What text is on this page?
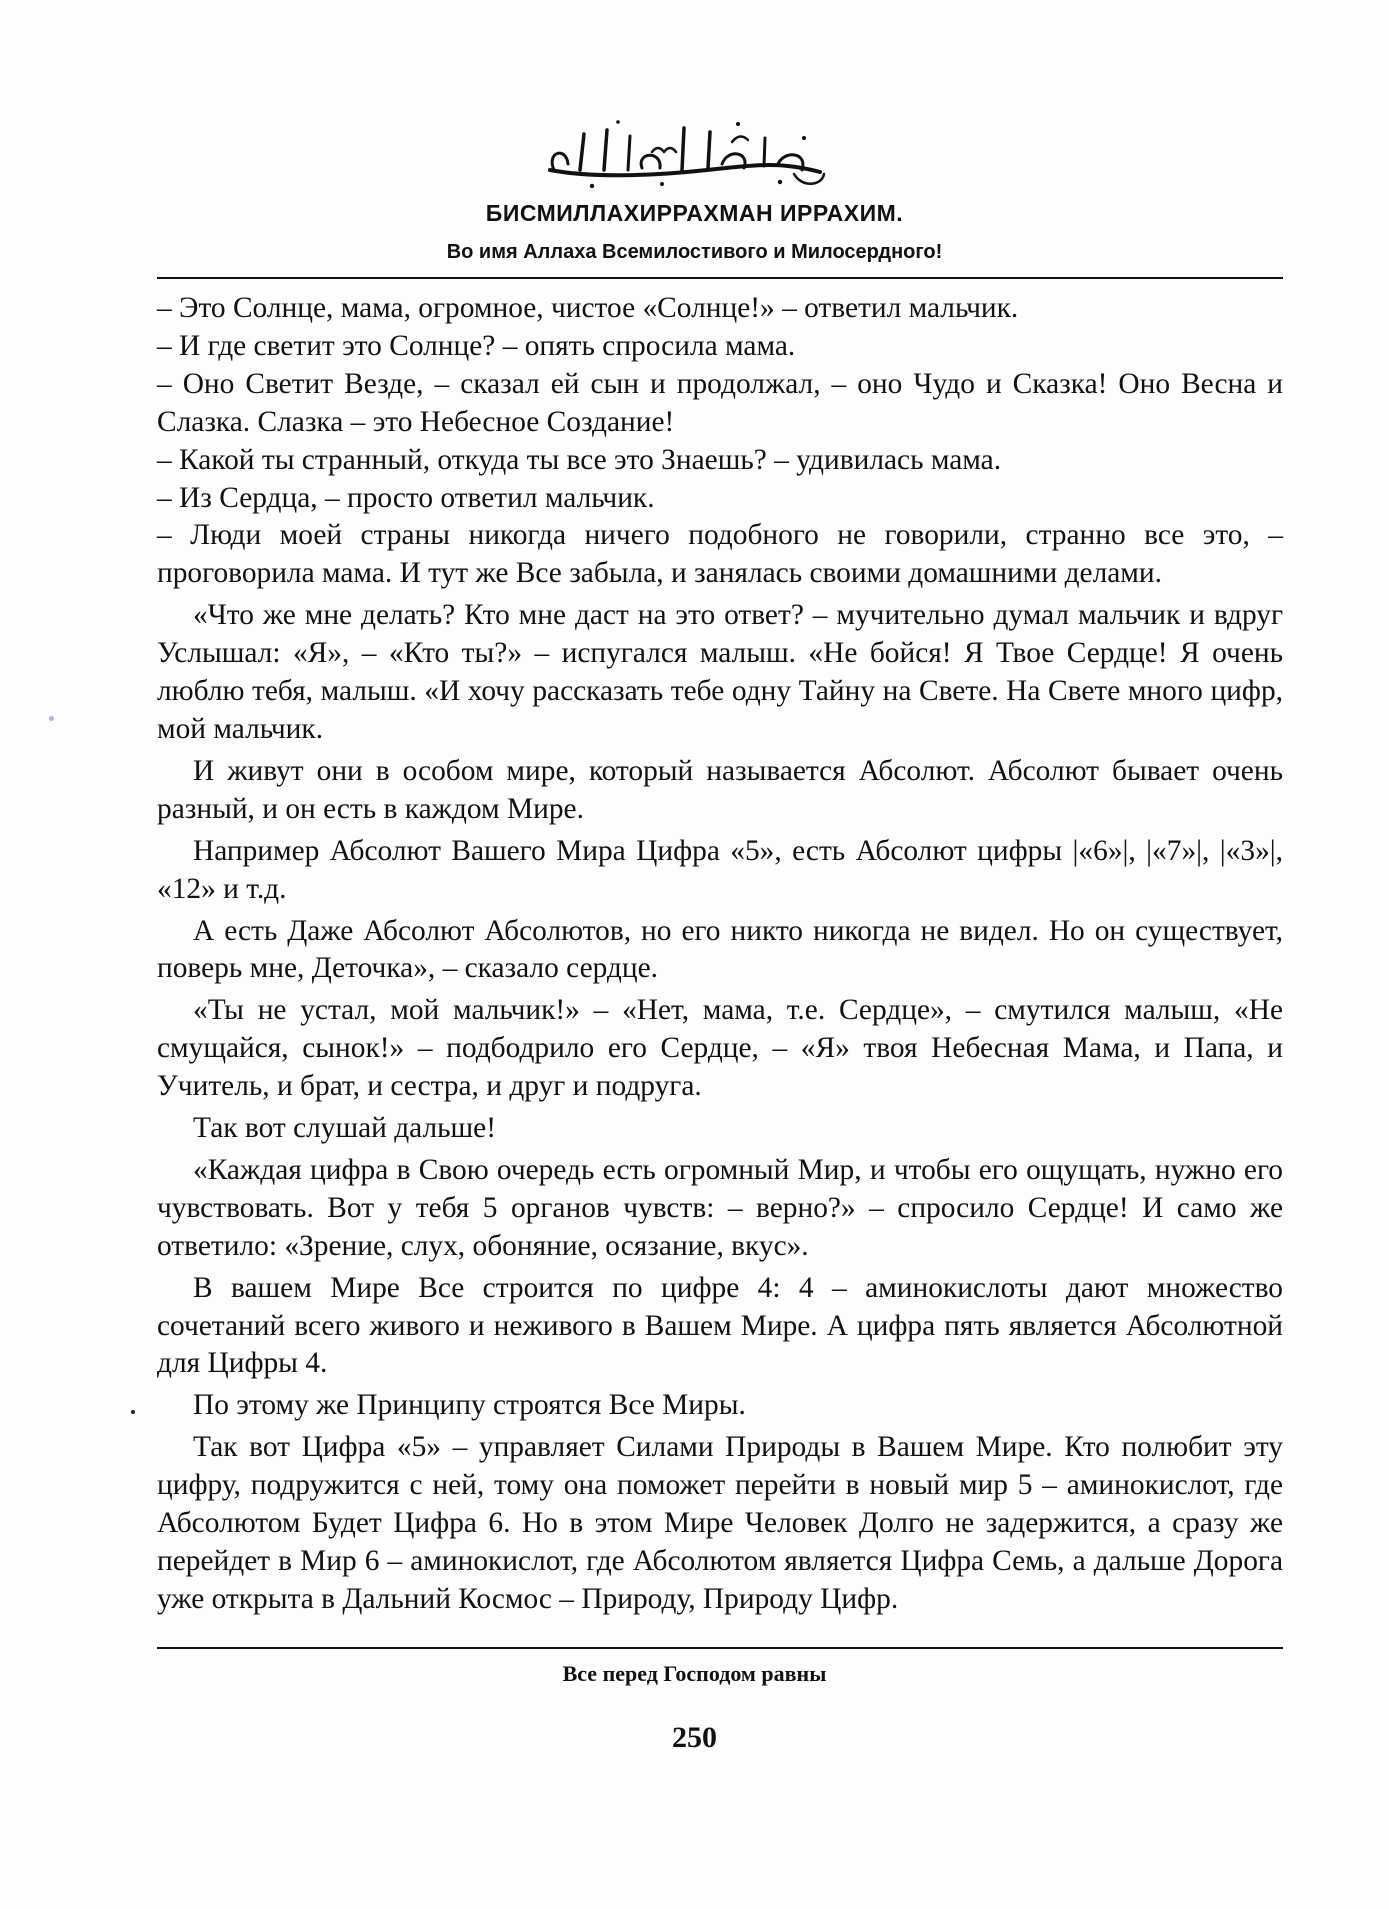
БИСМИЛЛАХИРРАХМАН ИРРАХИМ.
Во имя Аллаха Всемилостивого и Милосердного!

– Это Солнце, мама, огромное, чистое «Солнце!» – ответил мальчик.

– И где светит это Солнце? – опять спросила мама.

– Оно Светит Везде, – сказал ей сын и продолжал, – оно Чудо и Сказка! Оно Весна и Слазка. Слазка – это Небесное Создание!

– Какой ты странный, откуда ты все это Знаешь? – удивилась мама.

– Из Сердца, – просто ответил мальчик.

– Люди моей страны никогда ничего подобного не говорили, странно все это, – проговорила мама. И тут же Все забыла, и занялась своими домашними делами.

«Что же мне делать? Кто мне даст на это ответ? – мучительно думал мальчик и вдруг Услышал: «Я», – «Кто ты?» – испугался малыш. «Не бойся! Я Твое Сердце! Я очень люблю тебя, малыш. «И хочу рассказать тебе одну Тайну на Свете. На Свете много цифр, мой мальчик.

И живут они в особом мире, который называется Абсолют. Абсолют бывает очень разный, и он есть в каждом Мире.

Например Абсолют Вашего Мира Цифра «5», есть Абсолют цифры |«6»|, |«7»|, |«3»|, «12» и т.д.

А есть Даже Абсолют Абсолютов, но его никто никогда не видел. Но он существует, поверь мне, Деточка», – сказало сердце.

«Ты не устал, мой мальчик!» – «Нет, мама, т.е. Сердце», – смутился малыш, «Не смущайся, сынок!» – подбодрило его Сердце, – «Я» твоя Небесная Мама, и Папа, и Учитель, и брат, и сестра, и друг и подруга.

Так вот слушай дальше!

«Каждая цифра в Свою очередь есть огромный Мир, и чтобы его ощущать, нужно его чувствовать. Вот у тебя 5 органов чувств: – верно?» – спросило Сердце! И само же ответило: «Зрение, слух, обоняние, осязание, вкус».

В вашем Мире Все строится по цифре 4: 4 – аминокислоты дают множество сочетаний всего живого и неживого в Вашем Мире. А цифра пять является Абсолютной для Цифры 4.

По этому же Принципу строятся Все Миры.

Так вот Цифра «5» – управляет Силами Природы в Вашем Мире. Кто полюбит эту цифру, подружится с ней, тому она поможет перейти в новый мир 5 – аминокислот, где Абсолютом Будет Цифра 6. Но в этом Мире Человек Долго не задержится, а сразу же перейдет в Мир 6 – аминокислот, где Абсолютом является Цифра Семь, а дальше Дорога уже открыта в Дальний Космос – Природу, Природу Цифр.

Все перед Господом равны
250
